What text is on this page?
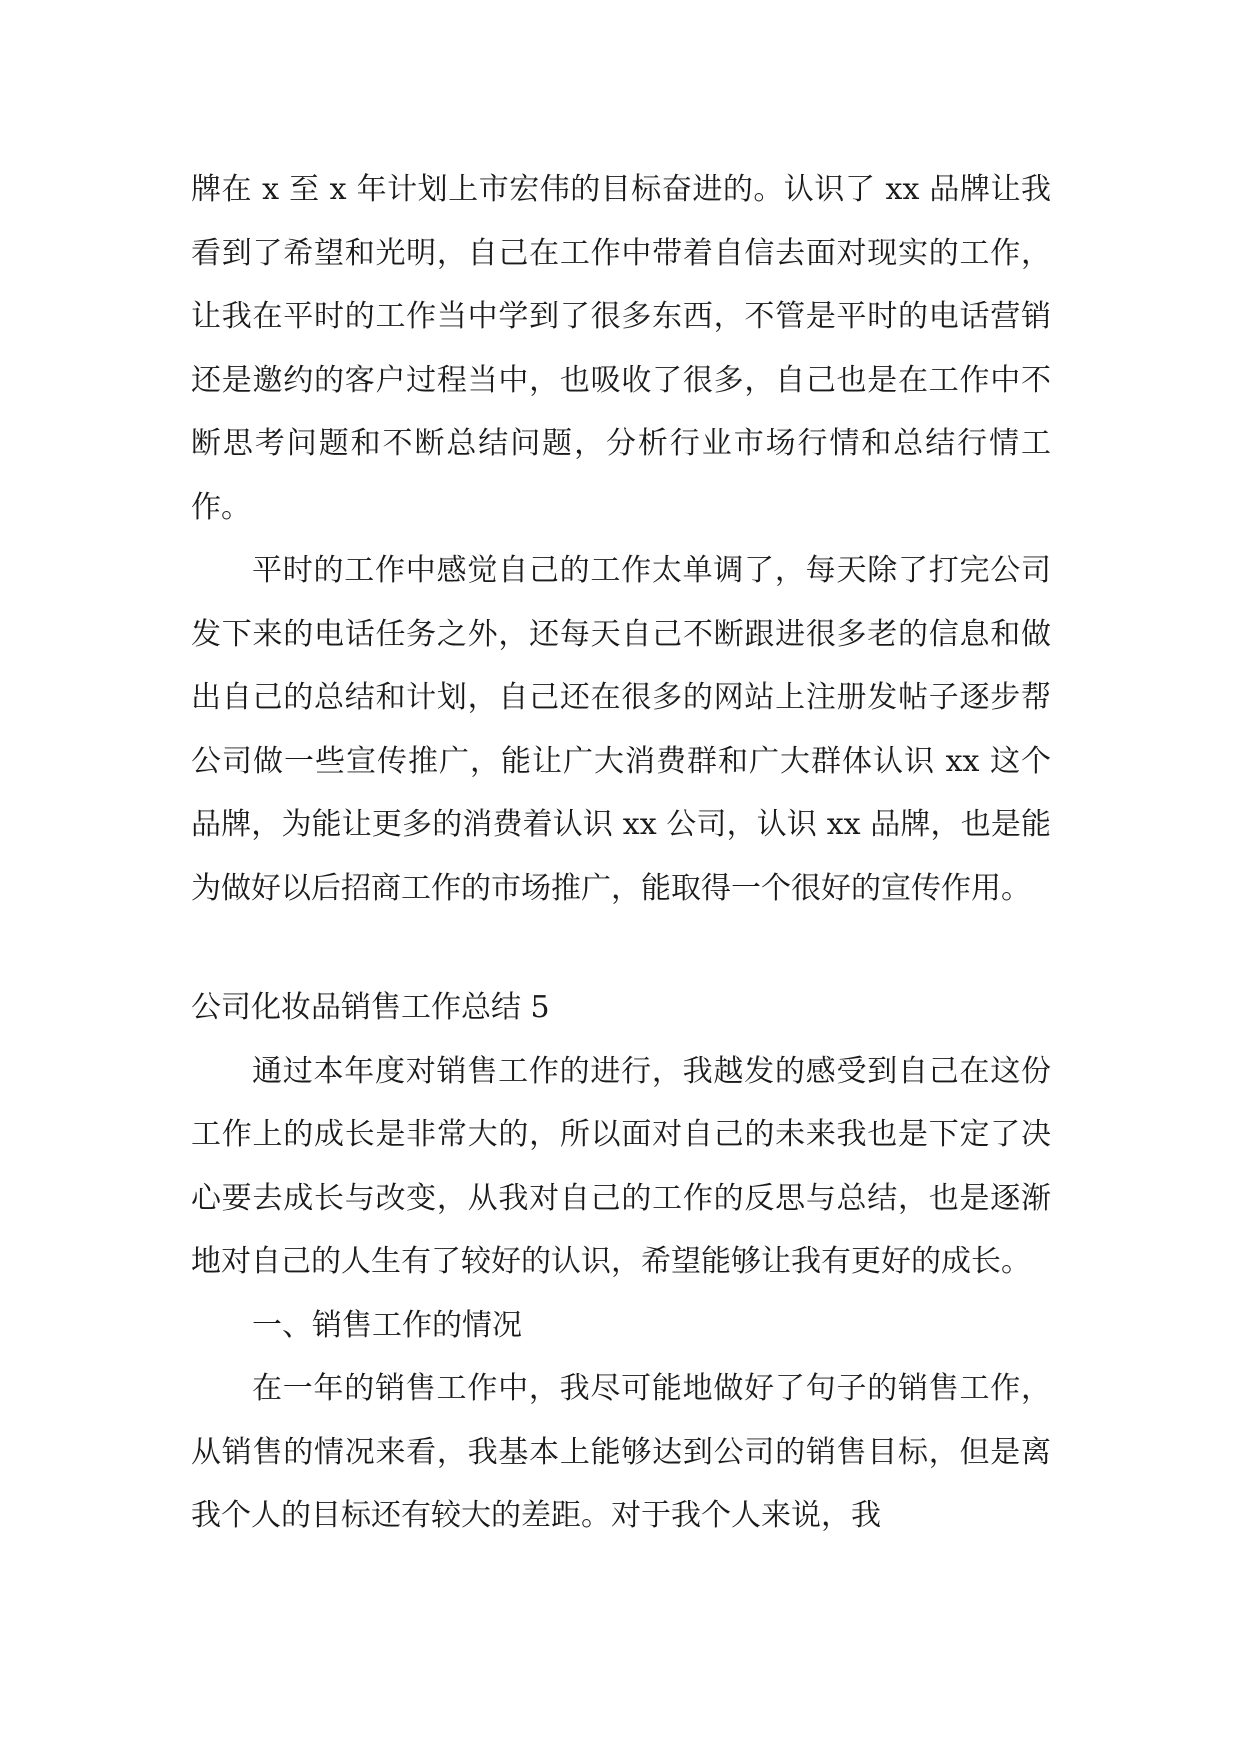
牌在 x 至 x 年计划上市宏伟的目标奋进的。认识了 xx 品牌让我看到了希望和光明，自己在工作中带着自信去面对现实的工作，让我在平时的工作当中学到了很多东西，不管是平时的电话营销还是邀约的客户过程当中，也吸收了很多，自己也是在工作中不断思考问题和不断总结问题，分析行业市场行情和总结行情工作。

平时的工作中感觉自己的工作太单调了，每天除了打完公司发下来的电话任务之外，还每天自己不断跟进很多老的信息和做出自己的总结和计划，自己还在很多的网站上注册发帖子逐步帮公司做一些宣传推广，能让广大消费群和广大群体认识 xx 这个品牌，为能让更多的消费着认识 xx 公司，认识 xx 品牌，也是能为做好以后招商工作的市场推广，能取得一个很好的宣传作用。

公司化妆品销售工作总结 5

通过本年度对销售工作的进行，我越发的感受到自己在这份工作上的成长是非常大的，所以面对自己的未来我也是下定了决心要去成长与改变，从我对自己的工作的反思与总结，也是逐渐地对自己的人生有了较好的认识，希望能够让我有更好的成长。

一、销售工作的情况

在一年的销售工作中，我尽可能地做好了句子的销售工作，从销售的情况来看，我基本上能够达到公司的销售目标，但是离我个人的目标还有较大的差距。对于我个人来说，我
